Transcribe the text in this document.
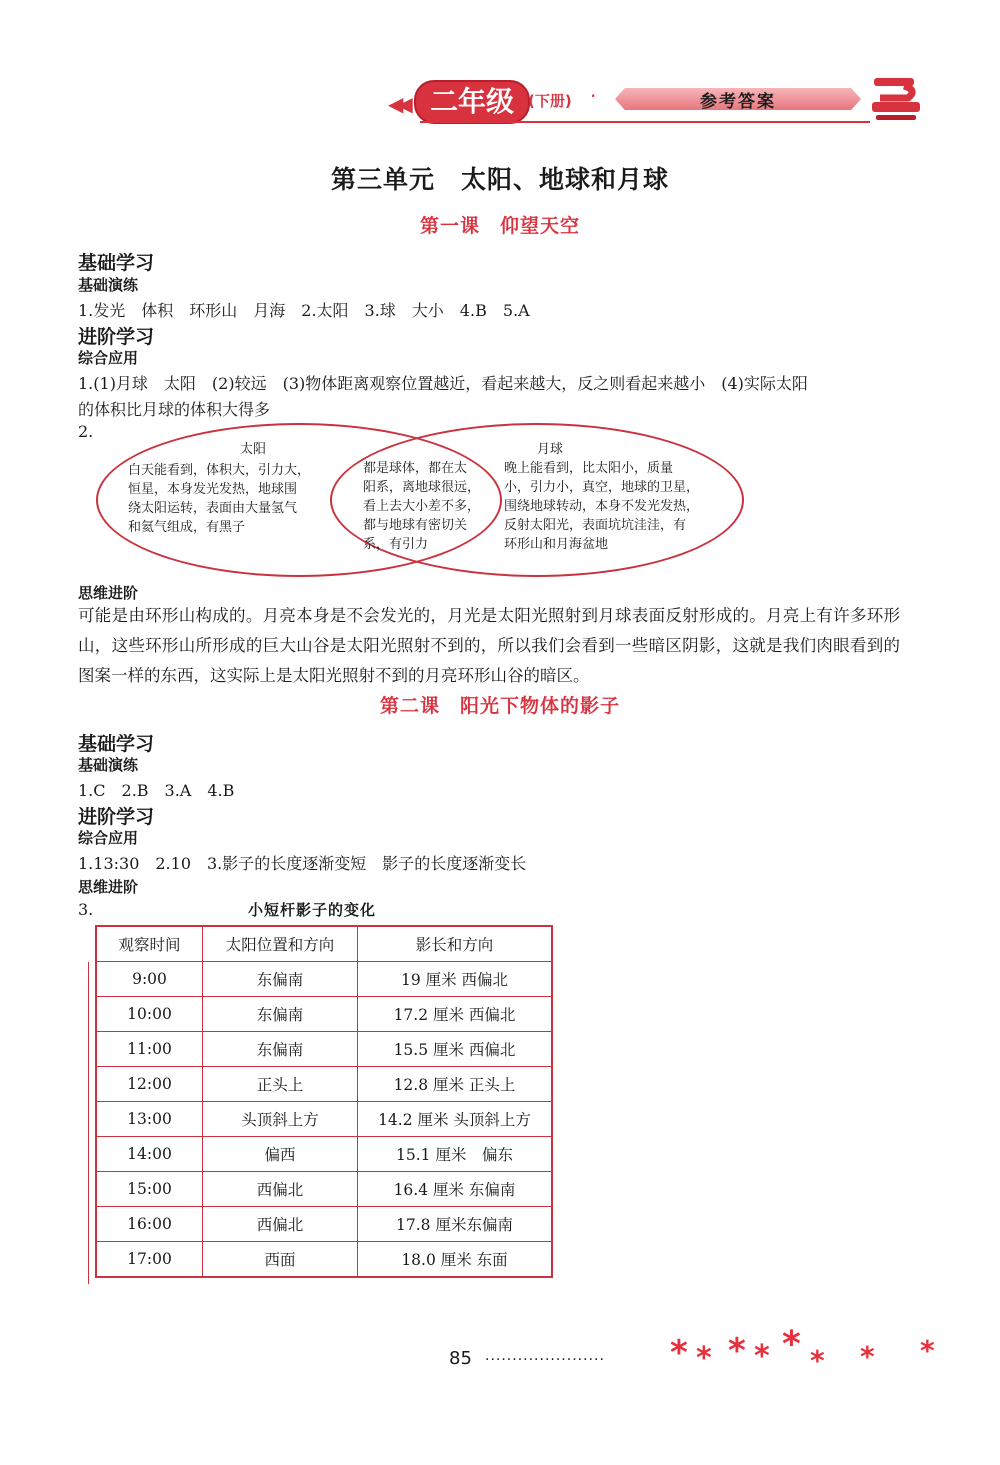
◀◀ 二年级 (下册) ·	参考答案
第三单元　太阳、地球和月球
第一课　仰望天空
基础学习
基础演练
1.发光　体积　环形山　月海　2.太阳　3.球　大小　4.B　5.A
进阶学习
综合应用
1.(1)月球　太阳　(2)较远　(3)物体距离观察位置越近，看起来越大，反之则看起来越小　(4)实际太阳
的体积比月球的体积大得多
2.
太阳	月球
白天能看到，体积大，引力大，
恒星，本身发光发热，地球围
绕太阳运转，表面由大量氢气
和氦气组成，有黑子
都是球体，都在太
阳系，离地球很远，
看上去大小差不多，
都与地球有密切关
系，有引力
晚上能看到，比太阳小，质量
小，引力小，真空，地球的卫星，
围绕地球转动，本身不发光发热，
反射太阳光，表面坑坑洼洼，有
环形山和月海盆地
思维进阶
可能是由环形山构成的。月亮本身是不会发光的，月光是太阳光照射到月球表面反射形成的。月亮上有许多环形山，这些环形山所形成的巨大山谷是太阳光照射不到的，所以我们会看到一些暗区阴影，这就是我们肉眼看到的图案一样的东西，这实际上是太阳光照射不到的月亮环形山谷的暗区。
第二课　阳光下物体的影子
基础学习
基础演练
1.C　2.B　3.A　4.B
进阶学习
综合应用
1.13:30　2.10　3.影子的长度逐渐变短　影子的长度逐渐变长
思维进阶
3.	小短杆影子的变化
观察时间	太阳位置和方向	影长和方向
9:00	东偏南	19 厘米 西偏北
10:00	东偏南	17.2 厘米 西偏北
11:00	东偏南	15.5 厘米 西偏北
12:00	正头上	12.8 厘米 正头上
13:00	头顶斜上方	14.2 厘米 头顶斜上方
14:00	偏西	15.1 厘米　偏东
15:00	西偏北	16.4 厘米 东偏南
16:00	西偏北	17.8 厘米东偏南
17:00	西面	18.0 厘米 东面
85 ...................... * * * * * * * *
